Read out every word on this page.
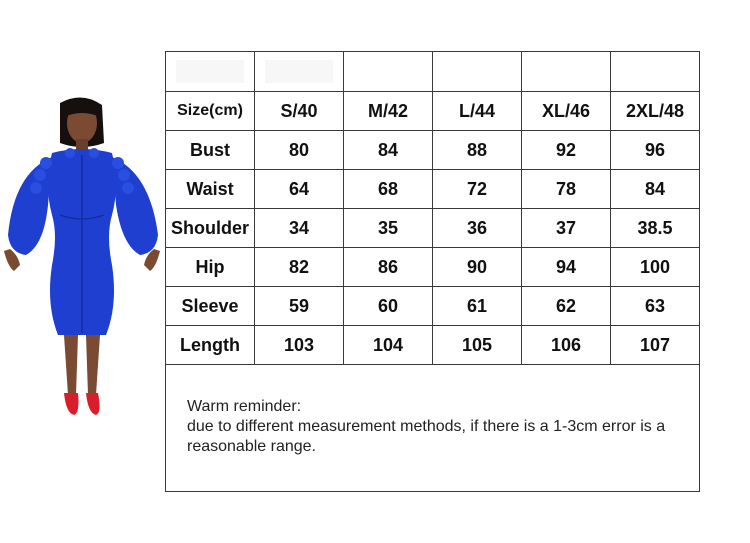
Size(cm)	S/40	M/42	L/44	XL/46	2XL/48
Bust	80	84	88	92	96
Waist	64	68	72	78	84
Shoulder	34	35	36	37	38.5
Hip	82	86	90	94	100
Sleeve	59	60	61	62	63
Length	103	104	105	106	107
Warm reminder:
due to different measurement methods, if there is a 1-3cm error is a reasonable range.
